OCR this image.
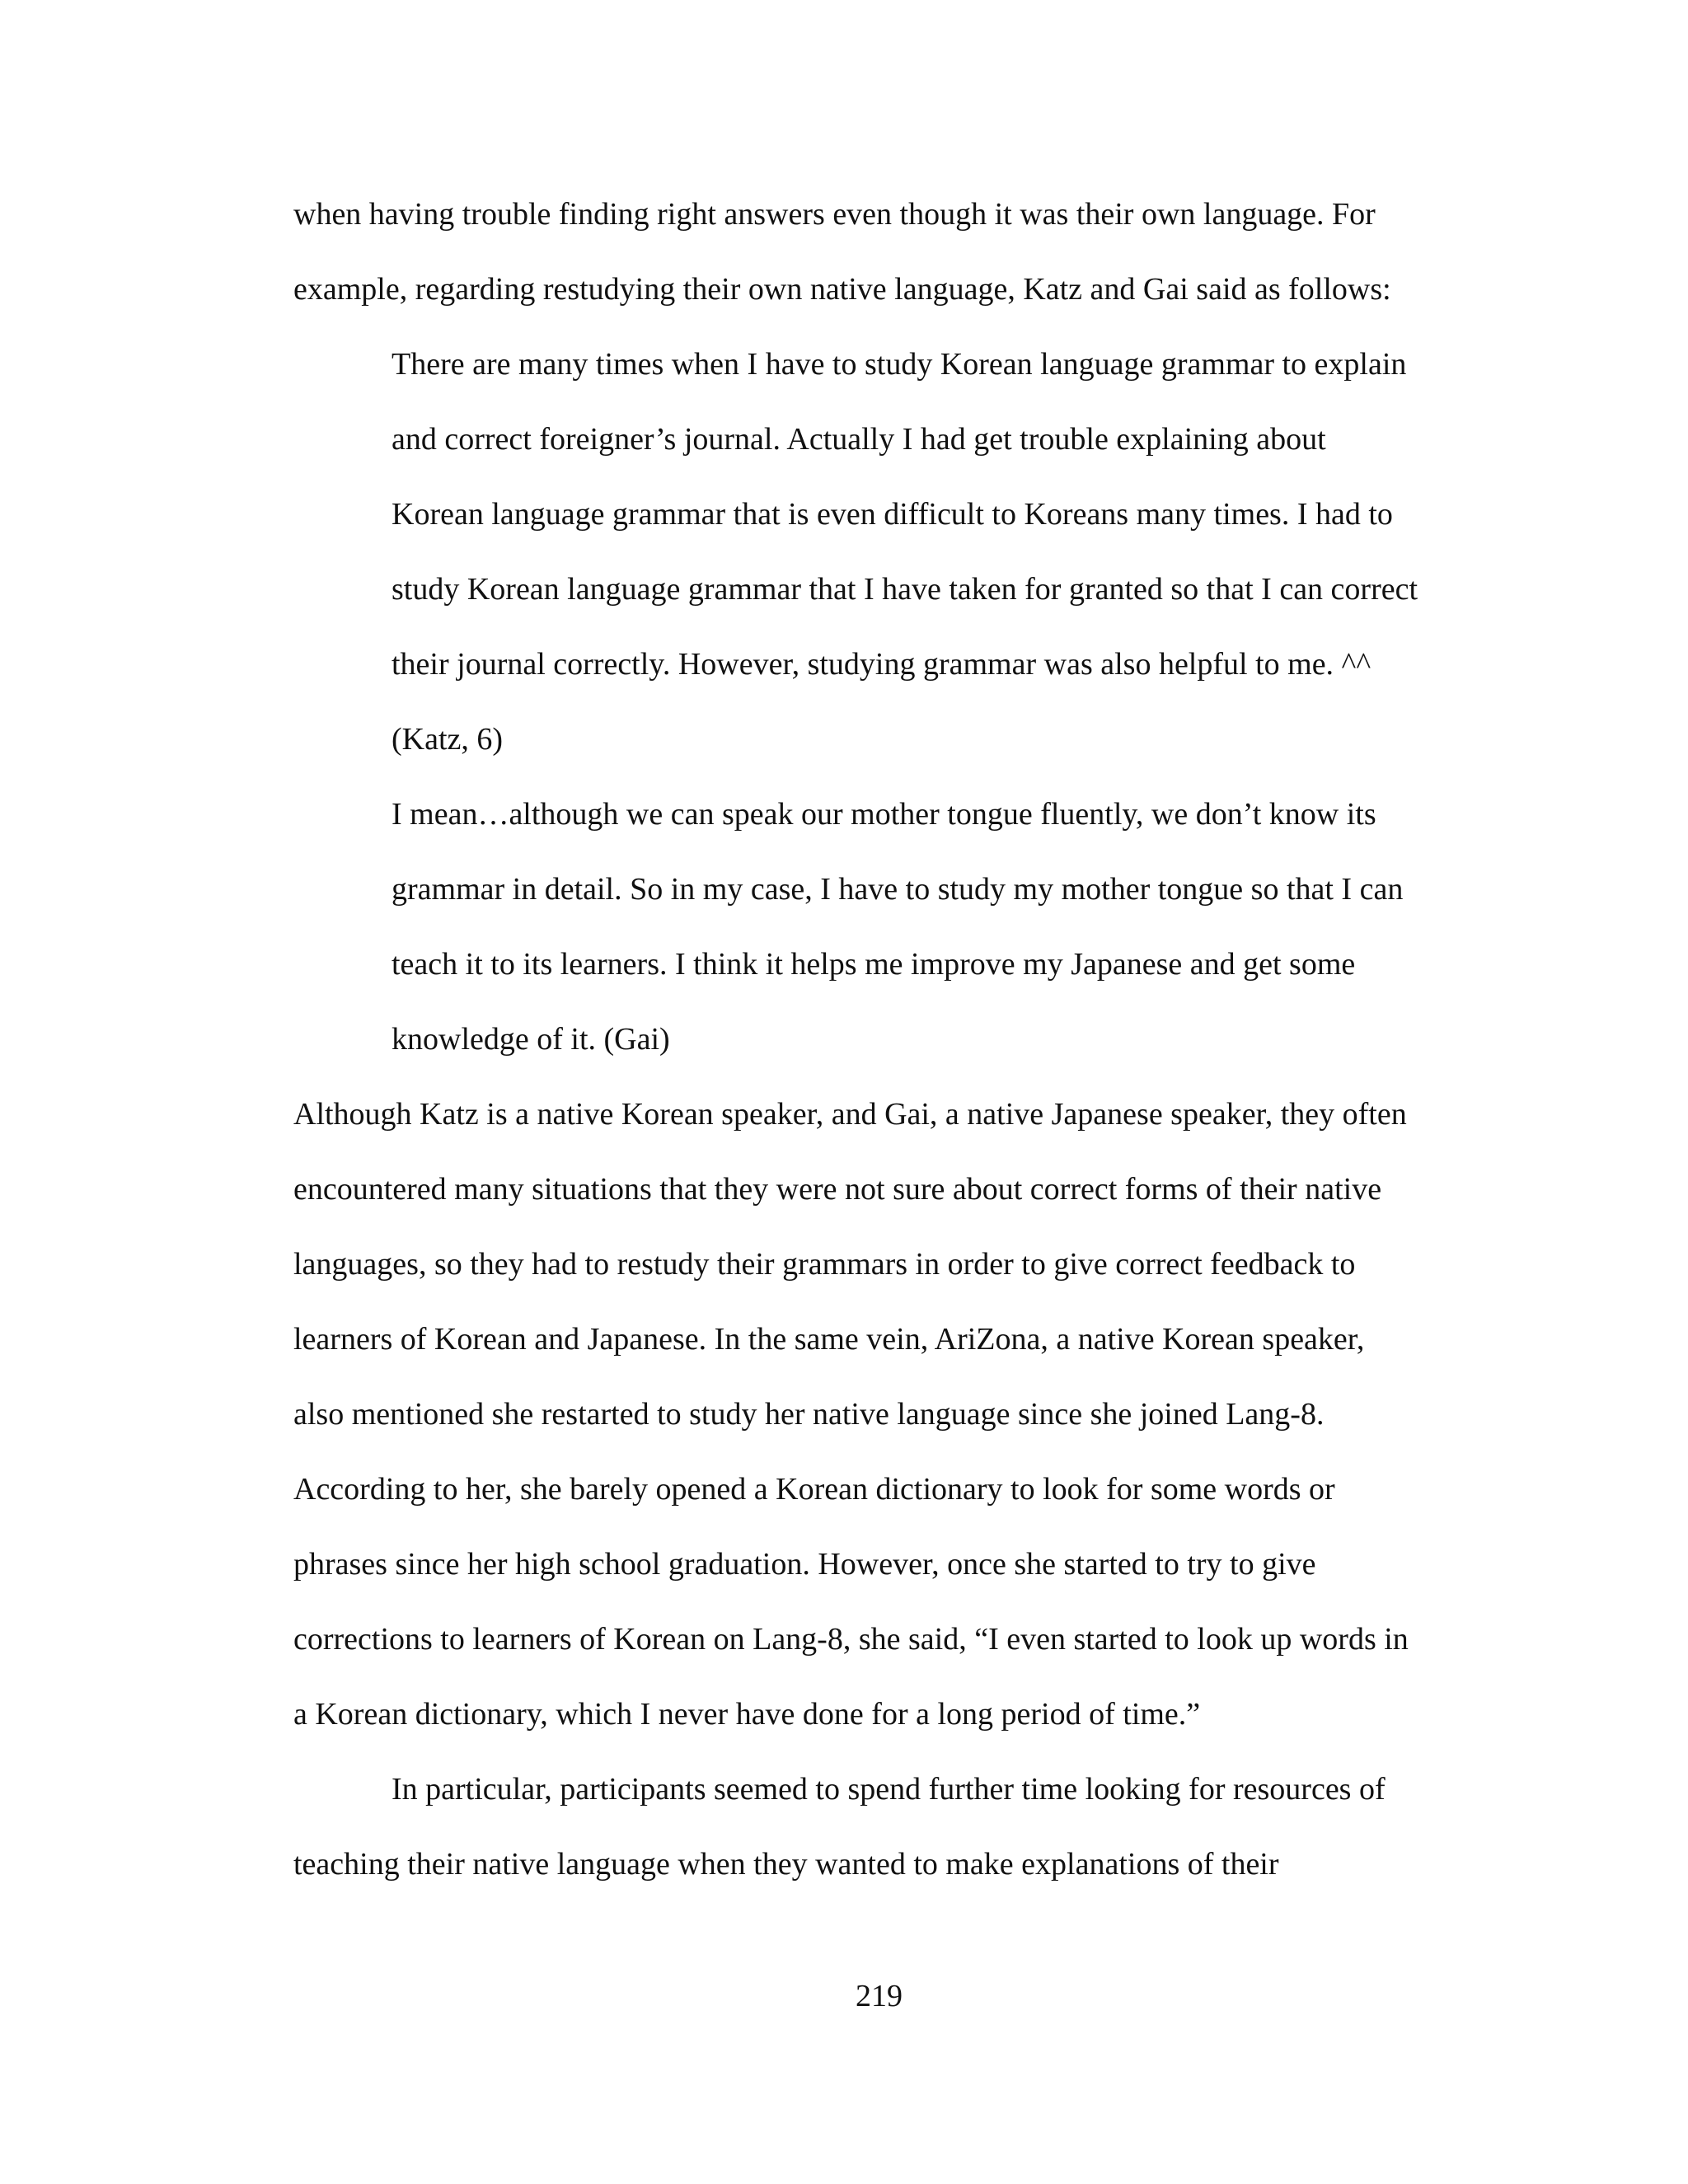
when having trouble finding right answers even though it was their own language. For

example, regarding restudying their own native language, Katz and Gai said as follows:

There are many times when I have to study Korean language grammar to explain

and correct foreigner’s journal. Actually I had get trouble explaining about

Korean language grammar that is even difficult to Koreans many times. I had to

study Korean language grammar that I have taken for granted so that I can correct

their journal correctly. However, studying grammar was also helpful to me. ^^

(Katz, 6)

I mean…although we can speak our mother tongue fluently, we don’t know its

grammar in detail. So in my case, I have to study my mother tongue so that I can

teach it to its learners. I think it helps me improve my Japanese and get some

knowledge of it. (Gai)

Although Katz is a native Korean speaker, and Gai, a native Japanese speaker, they often

encountered many situations that they were not sure about correct forms of their native

languages, so they had to restudy their grammars in order to give correct feedback to

learners of Korean and Japanese. In the same vein, AriZona, a native Korean speaker,

also mentioned she restarted to study her native language since she joined Lang-8.

According to her, she barely opened a Korean dictionary to look for some words or

phrases since her high school graduation. However, once she started to try to give

corrections to learners of Korean on Lang-8, she said, “I even started to look up words in

a Korean dictionary, which I never have done for a long period of time.”

In particular, participants seemed to spend further time looking for resources of

teaching their native language when they wanted to make explanations of their

219
